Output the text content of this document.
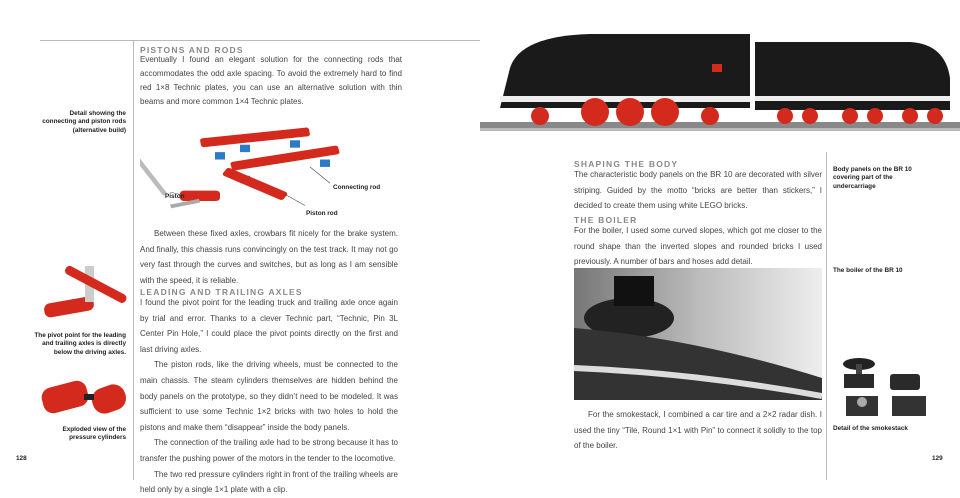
PISTONS AND RODS

Eventually I found an elegant solution for the connecting rods that accommodates the odd axle spacing. To avoid the extremely hard to find red 1×8 Technic plates, you can use an alternative solution with thin beams and more common 1×4 Technic plates.

Piston
Connecting rod
Piston rod

Between these fixed axles, crowbars fit nicely for the brake system. And finally, this chassis runs convincingly on the test track. It may not go very fast through the curves and switches, but as long as I am sensible with the speed, it is reliable.

LEADING AND TRAILING AXLES

I found the pivot point for the leading truck and trailing axle once again by trial and error. Thanks to a clever Technic part, “Technic, Pin 3L Center Pin Hole,” I could place the pivot points directly on the first and last driving axles.

The piston rods, like the driving wheels, must be connected to the main chassis. The steam cylinders themselves are hidden behind the body panels on the prototype, so they didn’t need to be modeled. It was sufficient to use some Technic 1×2 bricks with two holes to hold the pistons and make them “disappear” inside the body panels.

The connection of the trailing axle had to be strong because it has to transfer the pushing power of the motors in the tender to the locomotive.

The two red pressure cylinders right in front of the trailing wheels are held only by a single 1×1 plate with a clip.

Detail showing the connecting and piston rods (alternative build)
The pivot point for the leading and trailing axles is directly below the driving axles.
Exploded view of the pressure cylinders
128
SHAPING THE BODY

The characteristic body panels on the BR 10 are decorated with silver striping. Guided by the motto “bricks are better than stickers,” I decided to create them using white LEGO bricks.

THE BOILER

For the boiler, I used some curved slopes, which got me closer to the round shape than the inverted slopes and rounded bricks I used previously. A number of bars and hoses add detail.

For the smokestack, I combined a car tire and a 2×2 radar dish. I used the tiny “Tile, Round 1×1 with Pin” to connect it solidly to the top of the boiler.

Body panels on the BR 10 covering part of the undercarriage
The boiler of the BR 10
Detail of the smokestack
129
